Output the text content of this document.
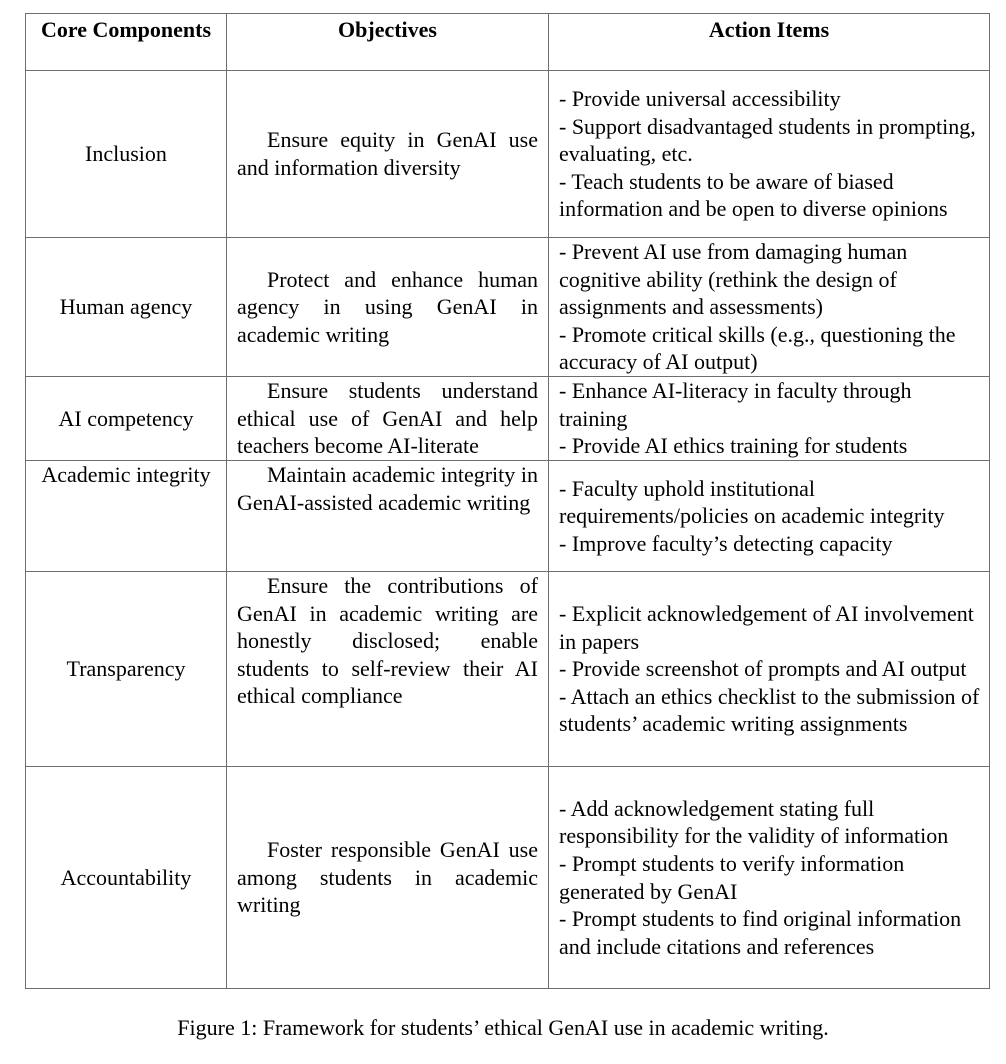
Core Components	Objectives	Action Items
Inclusion	Ensure equity in GenAI use and information diversity	- Provide universal accessibility
- Support disadvantaged students in prompting, evaluating, etc.
- Teach students to be aware of biased information and be open to diverse opinions

Human agency	Protect and enhance human agency in using GenAI in academic writing	- Prevent AI use from damaging human cognitive ability (rethink the design of assignments and assessments)
- Promote critical skills (e.g., questioning the accuracy of AI output)

AI competency	Ensure students understand ethical use of GenAI and help teachers become AI-literate	- Enhance AI-literacy in faculty through training
- Provide AI ethics training for students

Academic integrity	Maintain academic integrity in GenAI-assisted academic writing	- Faculty uphold institutional requirements/policies on academic integrity
- Improve faculty’s detecting capacity

Transparency	Ensure the contributions of GenAI in academic writing are honestly disclosed; enable students to self-review their AI ethical compliance	- Explicit acknowledgement of AI involvement in papers
- Provide screenshot of prompts and AI output
- Attach an ethics checklist to the submission of students’ academic writing assignments

Accountability	Foster responsible GenAI use among students in academic writing	- Add acknowledgement stating full responsibility for the validity of information
- Prompt students to verify information generated by GenAI
- Prompt students to find original information and include citations and references
Figure 1: Framework for students’ ethical GenAI use in academic writing.
